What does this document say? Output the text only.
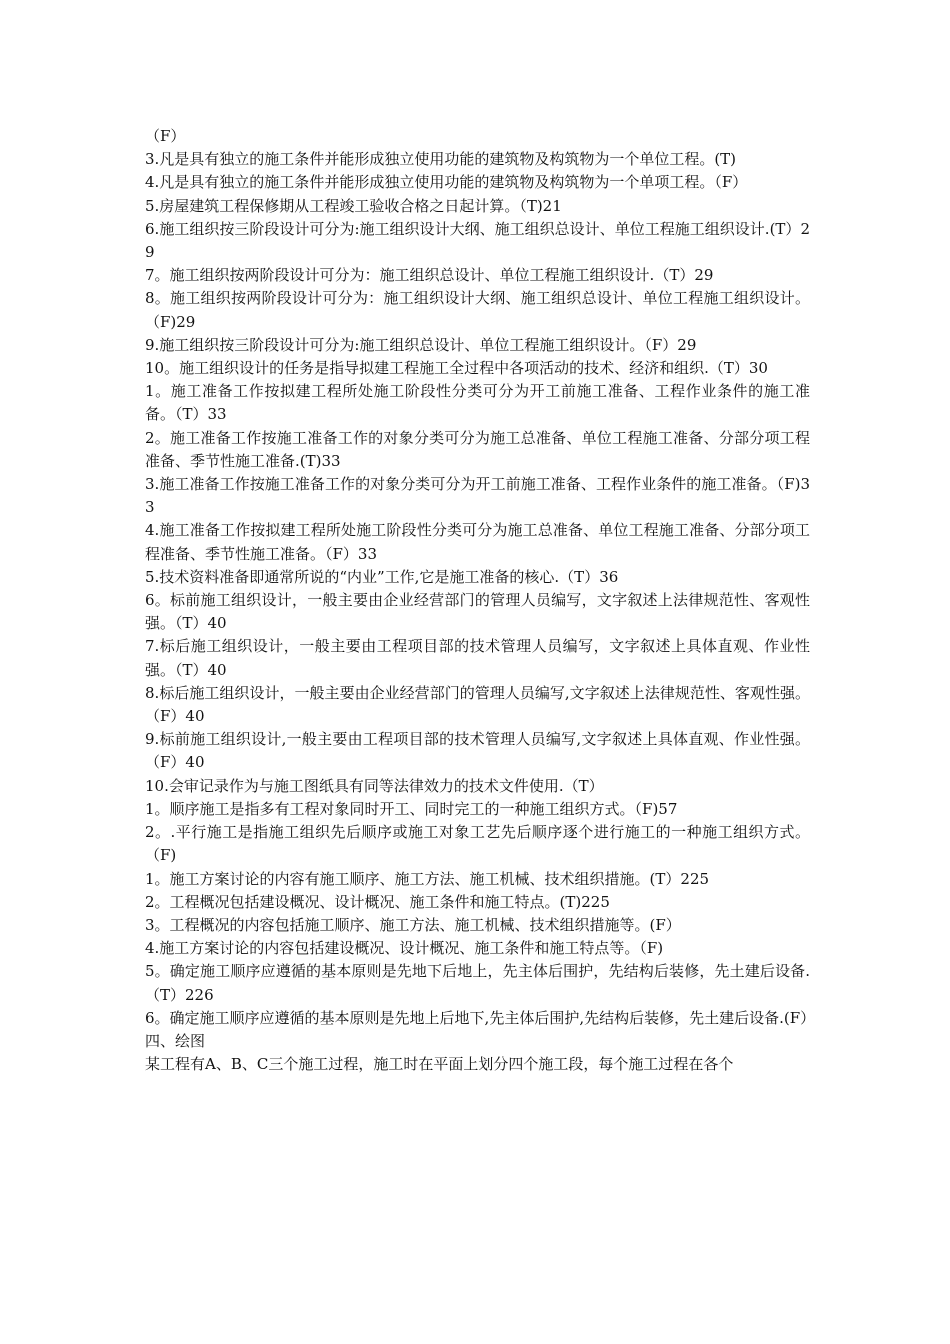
（F）

3.凡是具有独立的施工条件并能形成独立使用功能的建筑物及构筑物为一个单位工程。(T)

4.凡是具有独立的施工条件并能形成独立使用功能的建筑物及构筑物为一个单项工程。（F）

5.房屋建筑工程保修期从工程竣工验收合格之日起计算。（T)21

6.施工组织按三阶段设计可分为:施工组织设计大纲、施工组织总设计、单位工程施工组织设计.(T）29

7。施工组织按两阶段设计可分为：施工组织总设计、单位工程施工组织设计.（T）29

8。施工组织按两阶段设计可分为：施工组织设计大纲、施工组织总设计、单位工程施工组织设计。（F)29

9.施工组织按三阶段设计可分为:施工组织总设计、单位工程施工组织设计。（F）29

10。施工组织设计的任务是指导拟建工程施工全过程中各项活动的技术、经济和组织.（T）30

1。施工准备工作按拟建工程所处施工阶段性分类可分为开工前施工准备、工程作业条件的施工准备。（T）33

2。施工准备工作按施工准备工作的对象分类可分为施工总准备、单位工程施工准备、分部分项工程准备、季节性施工准备.(T)33

3.施工准备工作按施工准备工作的对象分类可分为开工前施工准备、工程作业条件的施工准备。（F)33

4.施工准备工作按拟建工程所处施工阶段性分类可分为施工总准备、单位工程施工准备、分部分项工程准备、季节性施工准备。（F）33

5.技术资料准备即通常所说的“内业”工作,它是施工准备的核心.（T）36

6。标前施工组织设计，一般主要由企业经营部门的管理人员编写，文字叙述上法律规范性、客观性强。（T）40

7.标后施工组织设计，一般主要由工程项目部的技术管理人员编写，文字叙述上具体直观、作业性强。（T）40

8.标后施工组织设计，一般主要由企业经营部门的管理人员编写,文字叙述上法律规范性、客观性强。（F）40

9.标前施工组织设计,一般主要由工程项目部的技术管理人员编写,文字叙述上具体直观、作业性强。（F）40

10.会审记录作为与施工图纸具有同等法律效力的技术文件使用.（T）

1。顺序施工是指多有工程对象同时开工、同时完工的一种施工组织方式。（F)57

2。.平行施工是指施工组织先后顺序或施工对象工艺先后顺序逐个进行施工的一种施工组织方式。（F)

1。施工方案讨论的内容有施工顺序、施工方法、施工机械、技术组织措施。(T）225

2。工程概况包括建设概况、设计概况、施工条件和施工特点。(T)225

3。工程概况的内容包括施工顺序、施工方法、施工机械、技术组织措施等。(F）

4.施工方案讨论的内容包括建设概况、设计概况、施工条件和施工特点等。（F)

5。确定施工顺序应遵循的基本原则是先地下后地上，先主体后围护，先结构后装修，先土建后设备.（T）226

6。确定施工顺序应遵循的基本原则是先地上后地下,先主体后围护,先结构后装修，先土建后设备.(F）

四、绘图

某工程有A、B、C三个施工过程，施工时在平面上划分四个施工段，每个施工过程在各个
